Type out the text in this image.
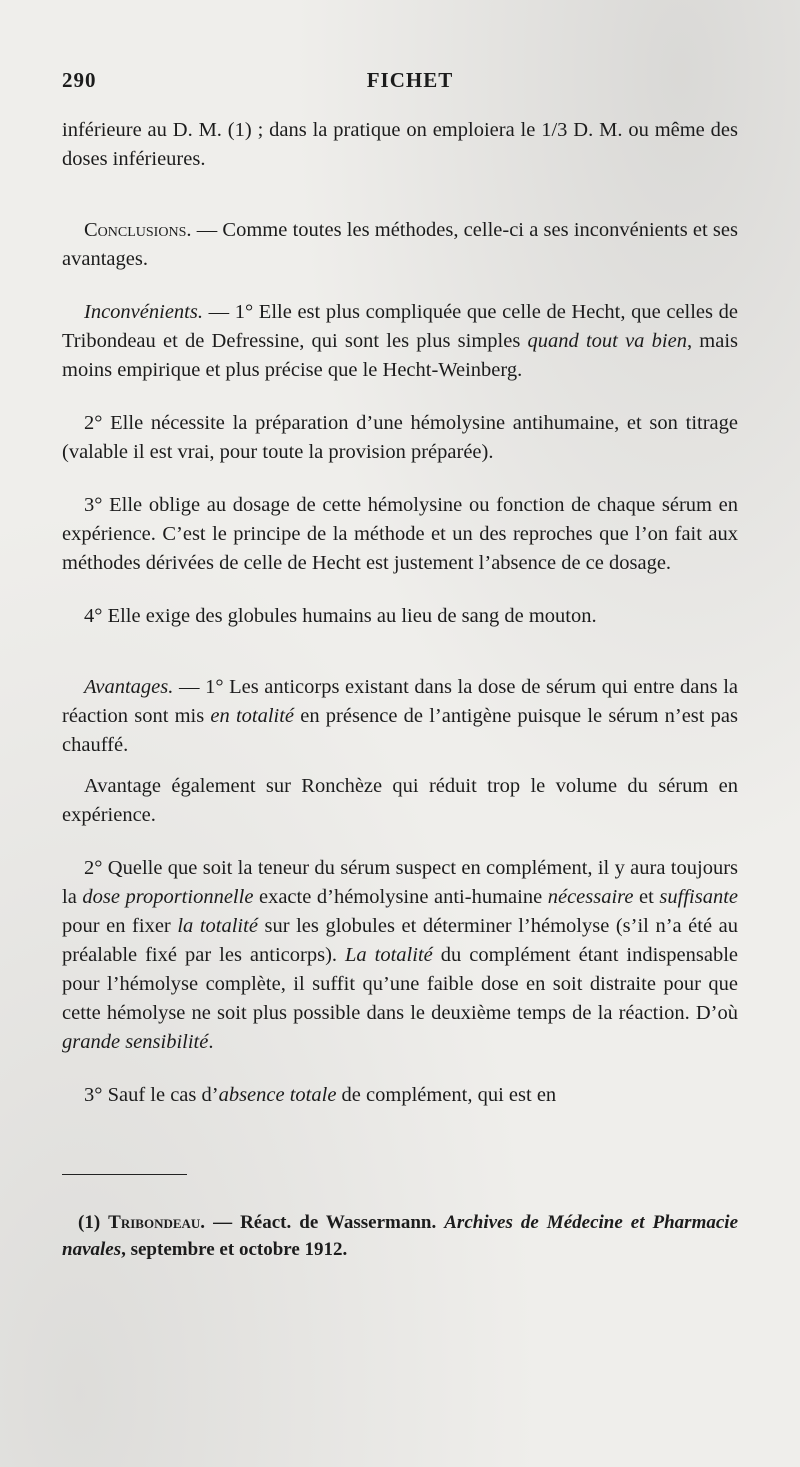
290	FICHET

inférieure au D. M. (1) ; dans la pratique on emploiera le 1/3 D. M. ou même des doses inférieures.

Conclusions. — Comme toutes les méthodes, celle-ci a ses inconvénients et ses avantages.

Inconvénients. — 1° Elle est plus compliquée que celle de Hecht, que celles de Tribondeau et de Defressine, qui sont les plus simples quand tout va bien, mais moins empirique et plus précise que le Hecht-Weinberg.

2° Elle nécessite la préparation d’une hémolysine antihumaine, et son titrage (valable il est vrai, pour toute la provision préparée).

3° Elle oblige au dosage de cette hémolysine ou fonction de chaque sérum en expérience. C’est le principe de la méthode et un des reproches que l’on fait aux méthodes dérivées de celle de Hecht est justement l’absence de ce dosage.

4° Elle exige des globules humains au lieu de sang de mouton.

Avantages. — 1° Les anticorps existant dans la dose de sérum qui entre dans la réaction sont mis en totalité en présence de l’antigène puisque le sérum n’est pas chauffé.

Avantage également sur Ronchèze qui réduit trop le volume du sérum en expérience.

2° Quelle que soit la teneur du sérum suspect en complément, il y aura toujours la dose proportionnelle exacte d’hémolysine anti-humaine nécessaire et suffisante pour en fixer la totalité sur les globules et déterminer l’hémolyse (s’il n’a été au préalable fixé par les anticorps). La totalité du complément étant indispensable pour l’hémolyse complète, il suffit qu’une faible dose en soit distraite pour que cette hémolyse ne soit plus possible dans le deuxième temps de la réaction. D’où grande sensibilité.

3° Sauf le cas d’absence totale de complément, qui est en

(1) Tribondeau. — Réact. de Wassermann. Archives de Médecine et Pharmacie navales, septembre et octobre 1912.
